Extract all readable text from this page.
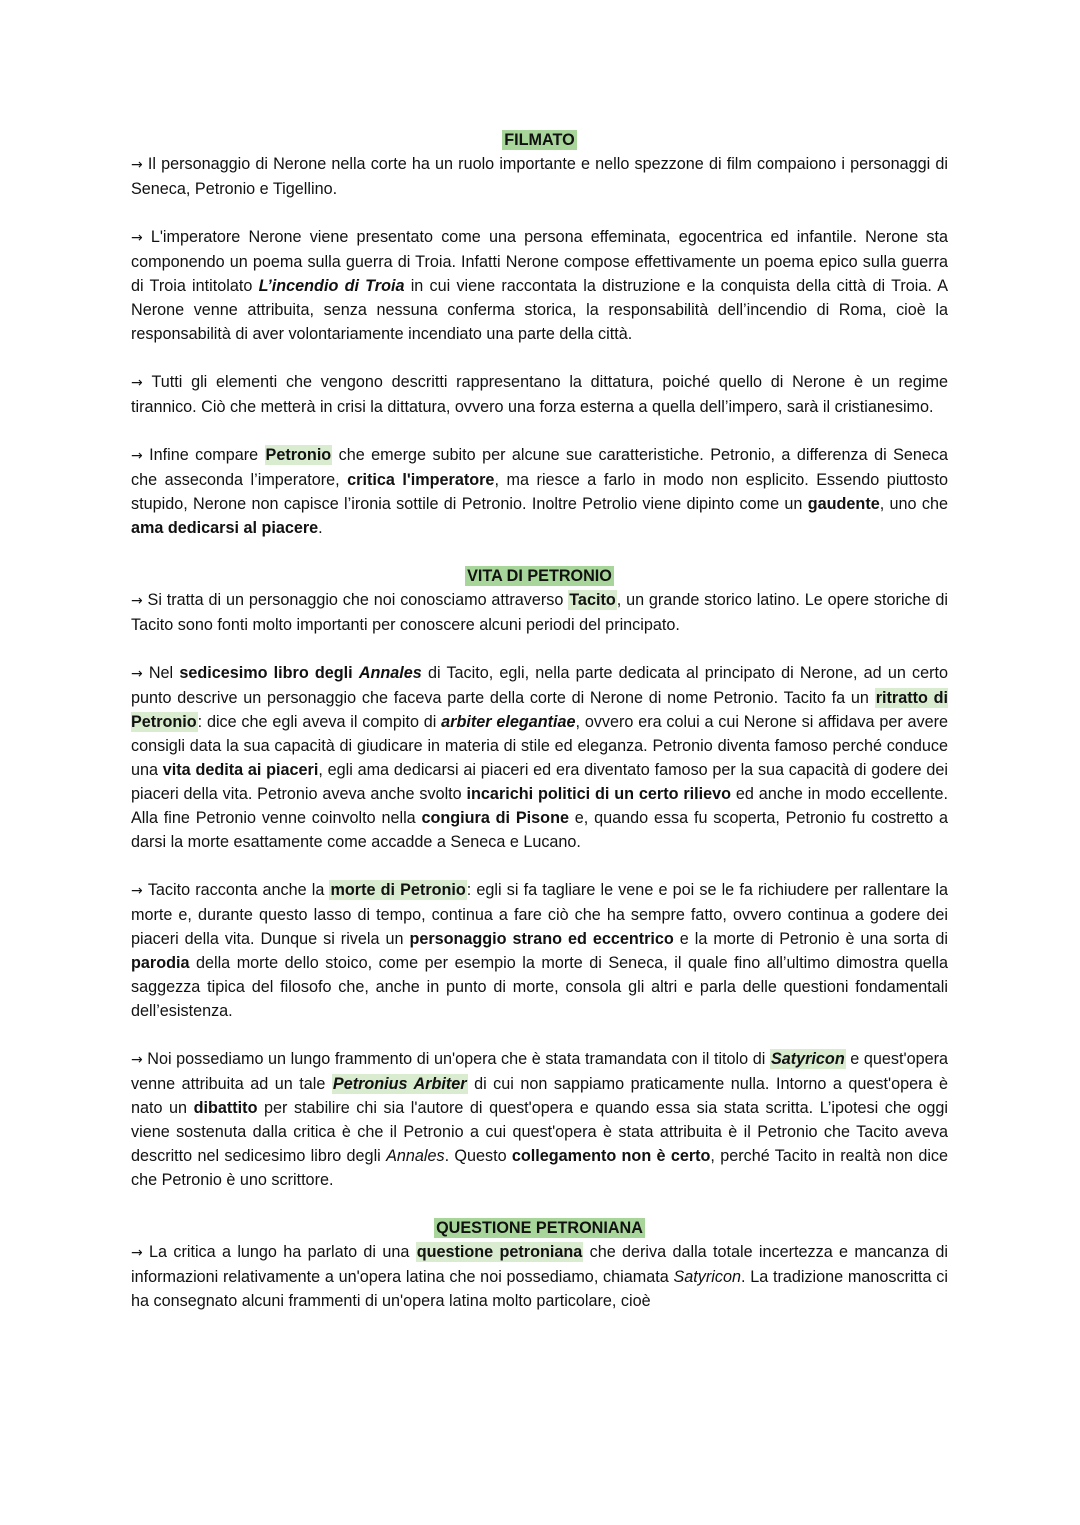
FILMATO

→ Il personaggio di Nerone nella corte ha un ruolo importante e nello spezzone di film compaiono i personaggi di Seneca, Petronio e Tigellino.

→ L'imperatore Nerone viene presentato come una persona effeminata, egocentrica ed infantile. Nerone sta componendo un poema sulla guerra di Troia. Infatti Nerone compose effettivamente un poema epico sulla guerra di Troia intitolato L’incendio di Troia in cui viene raccontata la distruzione e la conquista della città di Troia. A Nerone venne attribuita, senza nessuna conferma storica, la responsabilità dell’incendio di Roma, cioè la responsabilità di aver volontariamente incendiato una parte della città.

→ Tutti gli elementi che vengono descritti rappresentano la dittatura, poiché quello di Nerone è un regime tirannico. Ciò che metterà in crisi la dittatura, ovvero una forza esterna a quella dell’impero, sarà il cristianesimo.

→ Infine compare Petronio che emerge subito per alcune sue caratteristiche. Petronio, a differenza di Seneca che asseconda l’imperatore, critica l'imperatore, ma riesce a farlo in modo non esplicito. Essendo piuttosto stupido, Nerone non capisce l’ironia sottile di Petronio. Inoltre Petrolio viene dipinto come un gaudente, uno che ama dedicarsi al piacere.

VITA DI PETRONIO

→ Si tratta di un personaggio che noi conosciamo attraverso Tacito, un grande storico latino. Le opere storiche di Tacito sono fonti molto importanti per conoscere alcuni periodi del principato.

→ Nel sedicesimo libro degli Annales di Tacito, egli, nella parte dedicata al principato di Nerone, ad un certo punto descrive un personaggio che faceva parte della corte di Nerone di nome Petronio. Tacito fa un ritratto di Petronio: dice che egli aveva il compito di arbiter elegantiae, ovvero era colui a cui Nerone si affidava per avere consigli data la sua capacità di giudicare in materia di stile ed eleganza. Petronio diventa famoso perché conduce una vita dedita ai piaceri, egli ama dedicarsi ai piaceri ed era diventato famoso per la sua capacità di godere dei piaceri della vita. Petronio aveva anche svolto incarichi politici di un certo rilievo ed anche in modo eccellente. Alla fine Petronio venne coinvolto nella congiura di Pisone e, quando essa fu scoperta, Petronio fu costretto a darsi la morte esattamente come accadde a Seneca e Lucano.

→ Tacito racconta anche la morte di Petronio: egli si fa tagliare le vene e poi se le fa richiudere per rallentare la morte e, durante questo lasso di tempo, continua a fare ciò che ha sempre fatto, ovvero continua a godere dei piaceri della vita. Dunque si rivela un personaggio strano ed eccentrico e la morte di Petronio è una sorta di parodia della morte dello stoico, come per esempio la morte di Seneca, il quale fino all’ultimo dimostra quella saggezza tipica del filosofo che, anche in punto di morte, consola gli altri e parla delle questioni fondamentali dell’esistenza.

→ Noi possediamo un lungo frammento di un'opera che è stata tramandata con il titolo di Satyricon e quest'opera venne attribuita ad un tale Petronius Arbiter di cui non sappiamo praticamente nulla. Intorno a quest'opera è nato un dibattito per stabilire chi sia l'autore di quest'opera e quando essa sia stata scritta. L’ipotesi che oggi viene sostenuta dalla critica è che il Petronio a cui quest'opera è stata attribuita è il Petronio che Tacito aveva descritto nel sedicesimo libro degli Annales. Questo collegamento non è certo, perché Tacito in realtà non dice che Petronio è uno scrittore.

QUESTIONE PETRONIANA

→ La critica a lungo ha parlato di una questione petroniana che deriva dalla totale incertezza e mancanza di informazioni relativamente a un'opera latina che noi possediamo, chiamata Satyricon. La tradizione manoscritta ci ha consegnato alcuni frammenti di un'opera latina molto particolare, cioè
